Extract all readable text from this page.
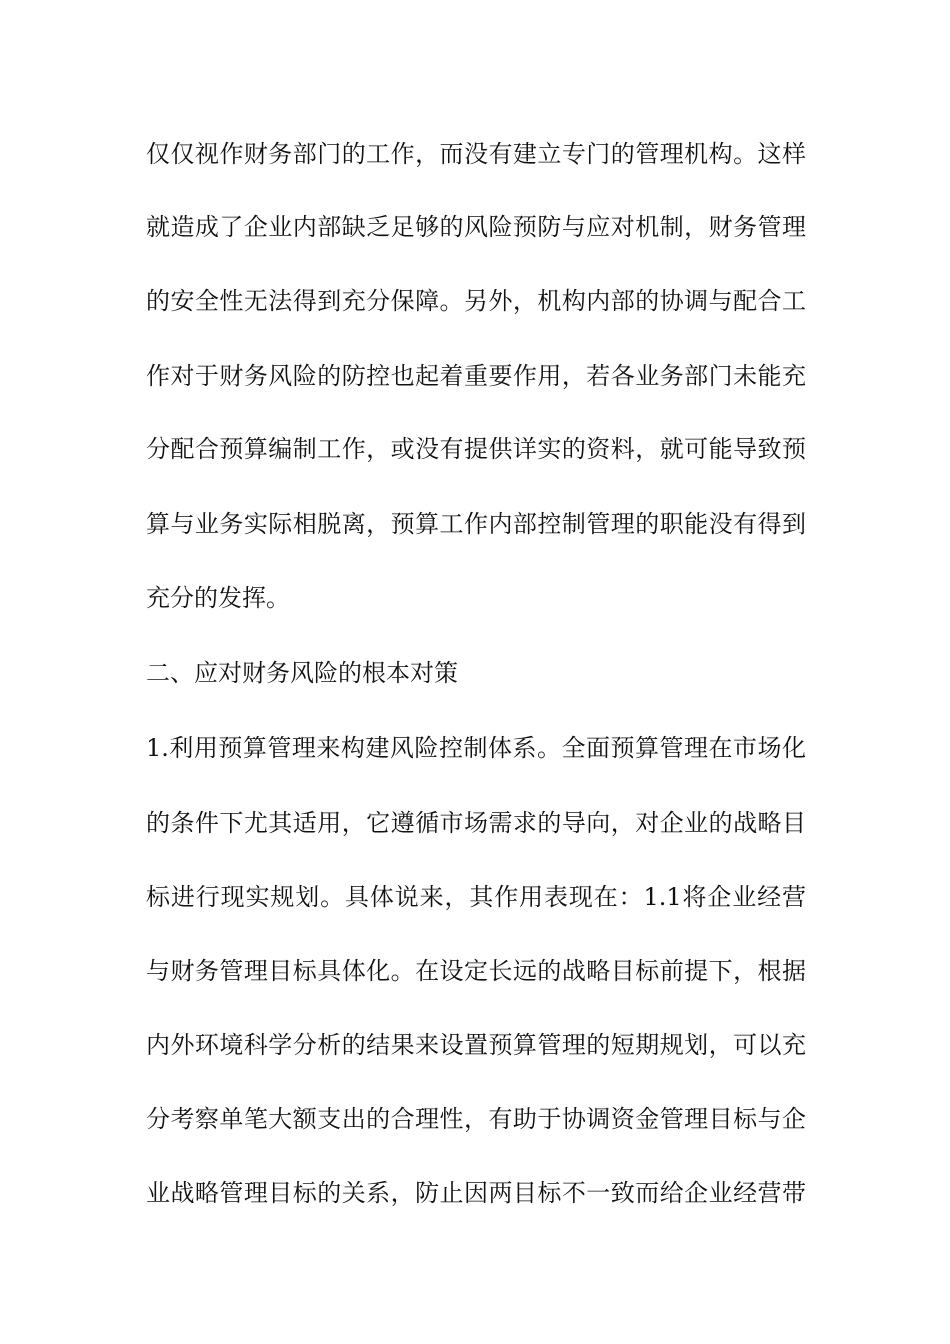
仅仅视作财务部门的工作，而没有建立专门的管理机构。这样
就造成了企业内部缺乏足够的风险预防与应对机制，财务管理
的安全性无法得到充分保障。另外，机构内部的协调与配合工
作对于财务风险的防控也起着重要作用，若各业务部门未能充
分配合预算编制工作，或没有提供详实的资料，就可能导致预
算与业务实际相脱离，预算工作内部控制管理的职能没有得到
充分的发挥。
二、应对财务风险的根本对策
1.利用预算管理来构建风险控制体系。全面预算管理在市场化
的条件下尤其适用，它遵循市场需求的导向，对企业的战略目
标进行现实规划。具体说来，其作用表现在：1.1将企业经营
与财务管理目标具体化。在设定长远的战略目标前提下，根据
内外环境科学分析的结果来设置预算管理的短期规划，可以充
分考察单笔大额支出的合理性，有助于协调资金管理目标与企
业战略管理目标的关系，防止因两目标不一致而给企业经营带
